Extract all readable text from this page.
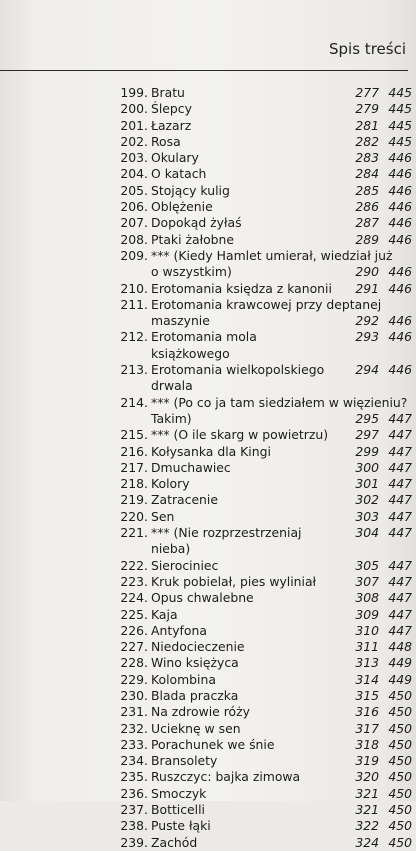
Spis treści
199. Bratu	277 445
200. Ślepcy	279 445
201. Łazarz	281 445
202. Rosa	282 445
203. Okulary	283 446
204. O katach	284 446
205. Stojący kulig	285 446
206. Oblężenie	286 446
207. Dopokąd żyłaś	287 446
208. Ptaki żałobne	289 446
209. *** (Kiedy Hamlet umierał, wiedział już
o wszystkim)	290 446
210. Erotomania księdza z kanonii	291 446
211. Erotomania krawcowej przy deptanej
maszynie	292 446
212. Erotomania mola książkowego
293 446
213. Erotomania wielkopolskiego drwala
294 446
214. *** (Po co ja tam siedziałem w więzieniu?
Takim)	295 447
215. *** (O ile skarg w powietrzu)	297 447
216. Kołysanka dla Kingi	299 447
217. Dmuchawiec	300 447
218. Kolory	301 447
219. Zatracenie	302 447
220. Sen	303 447
221. *** (Nie rozprzestrzeniaj nieba)
304 447
222. Sierociniec	305 447
223. Kruk pobielał, pies wyliniał	307 447
224. Opus chwalebne	308 447
225. Kaja	309 447
226. Antyfona	310 447
227. Niedocieczenie	311 448
228. Wino księżyca	313 449
229. Kolombina	314 449
230. Blada praczka	315 450
231. Na zdrowie róży	316 450
232. Ucieknę w sen	317 450
233. Porachunek we śnie	318 450
234. Bransolety	319 450
235. Ruszczyc: bajka zimowa	320 450
236. Smoczyk	321 450
237. Botticelli	321 450
238. Puste łąki	322 450
239. Zachód	324 450
